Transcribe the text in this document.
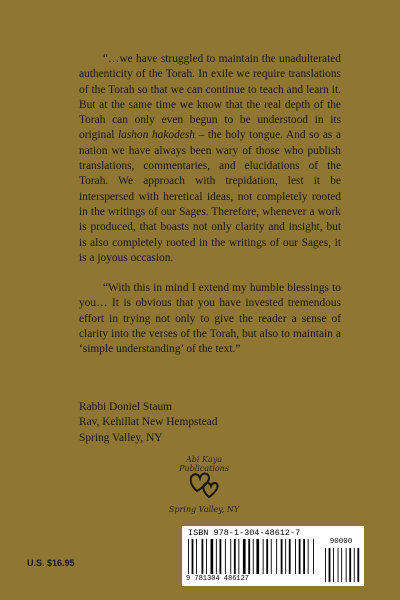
“…we have struggled to maintain the unadulterated authenticity of the Torah. In exile we require translations of the Torah so that we can continue to teach and learn it. But at the same time we know that the real depth of the Torah can only even begun to be understood in its original lashon hakodesh – the holy tongue. And so as a nation we have always been wary of those who publish translations, commentaries, and elucidations of the Torah. We approach with trepidation, lest it be interspersed with heretical ideas, not completely rooted in the writings of our Sages. Therefore, whenever a work is produced, that boasts not only clarity and insight, but is also completely rooted in the writings of our Sages, it is a joyous occasion.

“With this in mind I extend my humble blessings to you… It is obvious that you have invested tremendous effort in trying not only to give the reader a sense of clarity into the verses of the Torah, but also to maintain a ‘simple understanding’ of the text.”

Rabbi Doniel Staum
Rav, Kehillat New Hempstead
Spring Valley, NY
Abi Kaya Publications
Spring Valley, NY
U.S. $16.95
ISBN 978-1-304-48612-7
9 781304 486127
90000
